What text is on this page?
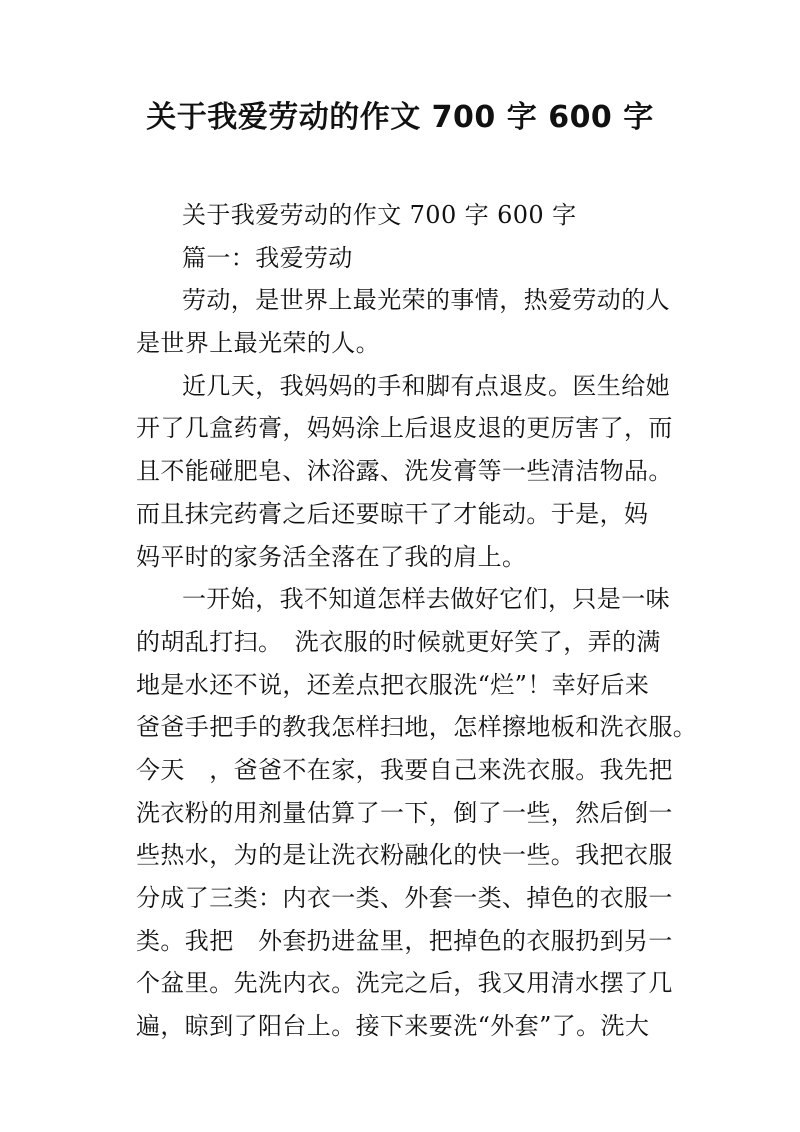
关于我爱劳动的作文 700 字 600 字
关于我爱劳动的作文 700 字 600 字
篇一：我爱劳动
劳动，是世界上最光荣的事情，热爱劳动的人
是世界上最光荣的人。
近几天，我妈妈的手和脚有点退皮。医生给她
开了几盒药膏，妈妈涂上后退皮退的更厉害了，而
且不能碰肥皂、沐浴露、洗发膏等一些清洁物品。
而且抹完药膏之后还要晾干了才能动。于是，妈
妈平时的家务活全落在了我的肩上。
一开始，我不知道怎样去做好它们，只是一味
的胡乱打扫。　洗衣服的时候就更好笑了，弄的满
地是水还不说，还差点把衣服洗“烂”！幸好后来
爸爸手把手的教我怎样扫地，怎样擦地板和洗衣服。
今天　，爸爸不在家，我要自己来洗衣服。我先把
洗衣粉的用剂量估算了一下，倒了一些，然后倒一
些热水，为的是让洗衣粉融化的快一些。我把衣服
分成了三类：内衣一类、外套一类、掉色的衣服一
类。我把　外套扔进盆里，把掉色的衣服扔到另一
个盆里。先洗内衣。洗完之后，我又用清水摆了几
遍，晾到了阳台上。接下来要洗“外套”了。洗大
